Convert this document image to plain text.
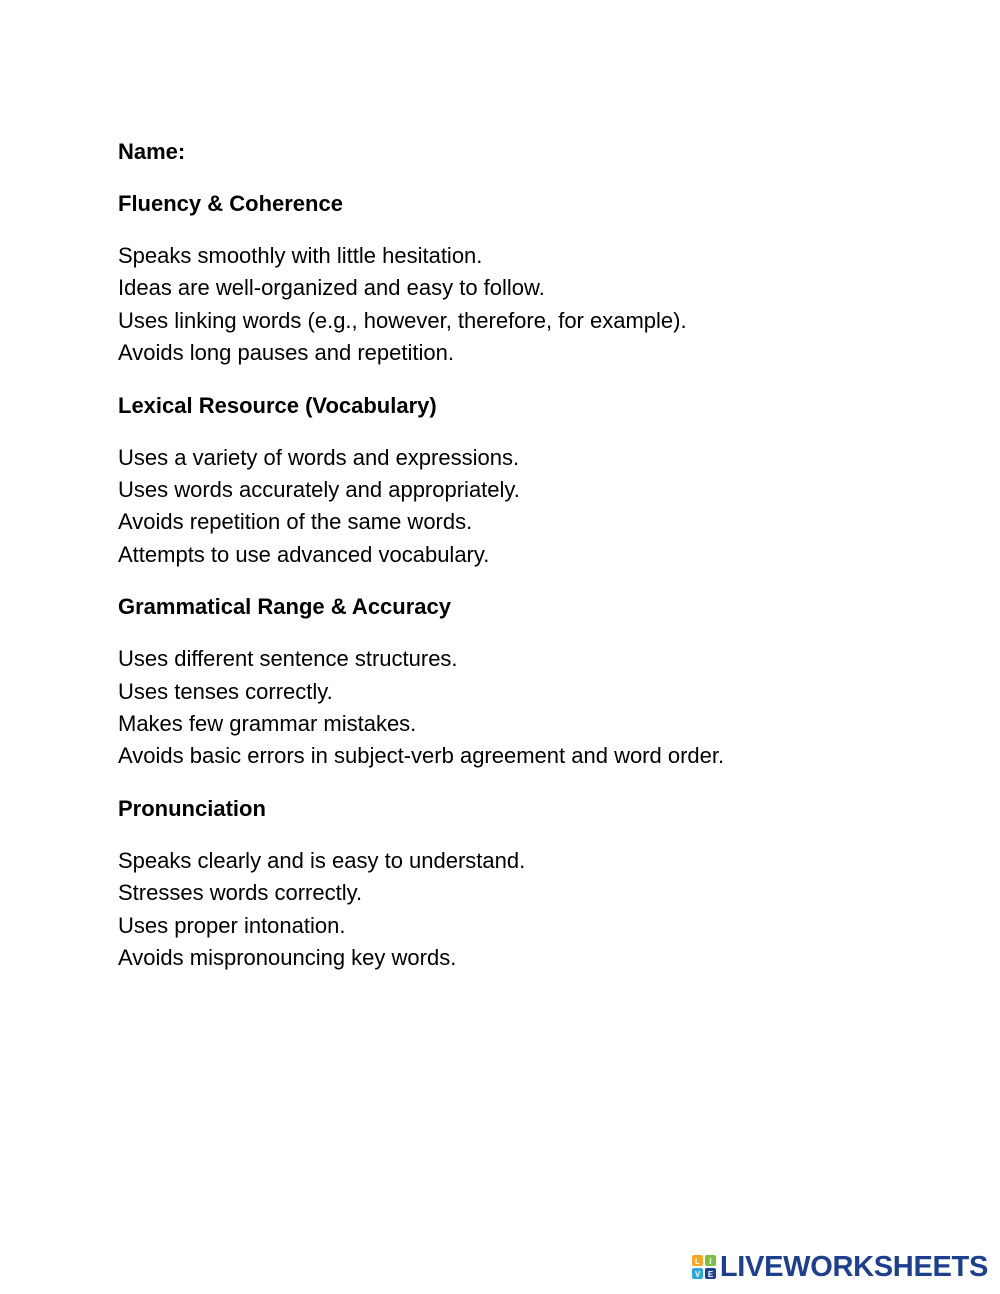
Name:
Fluency & Coherence
Speaks smoothly with little hesitation.
Ideas are well-organized and easy to follow.
Uses linking words (e.g., however, therefore, for example).
Avoids long pauses and repetition.
Lexical Resource (Vocabulary)
Uses a variety of words and expressions.
Uses words accurately and appropriately.
Avoids repetition of the same words.
Attempts to use advanced vocabulary.
Grammatical Range & Accuracy
Uses different sentence structures.
Uses tenses correctly.
Makes few grammar mistakes.
Avoids basic errors in subject-verb agreement and word order.
Pronunciation
Speaks clearly and is easy to understand.
Stresses words correctly.
Uses proper intonation.
Avoids mispronouncing key words.
L I
V E LIVEWORKSHEETS
